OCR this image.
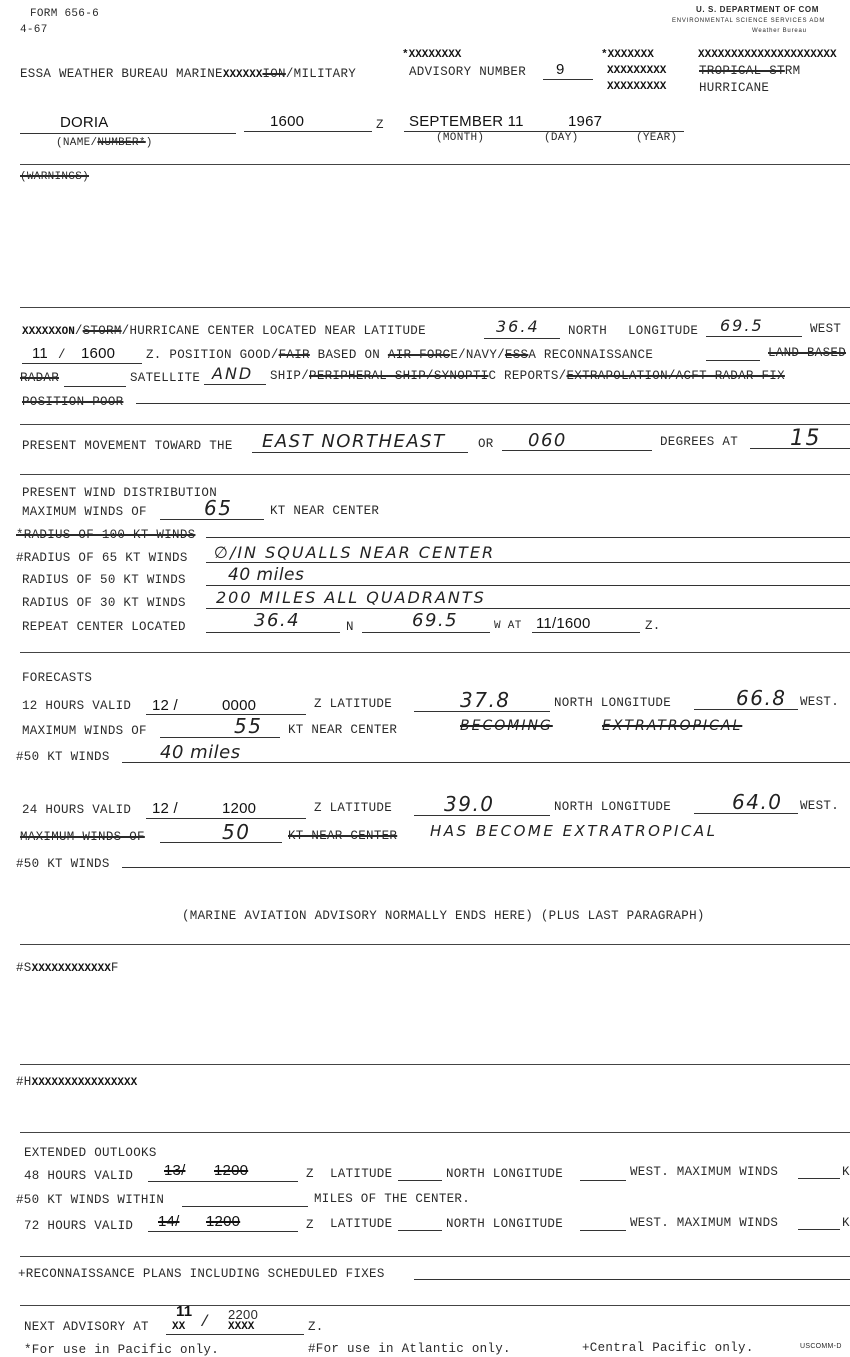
FORM 656-6
4-67
U. S. DEPARTMENT OF COM
ENVIRONMENTAL SCIENCE SERVICES ADM
Weather Bureau
ESSA WEATHER BUREAU MARINEXXXXXXION/MILITARY
*XXXXXXXX
ADVISORY NUMBER 9
*XXXXXXX
XXXXXXXXX
XXXXXXXXX
XXXXXXXXXXXXXXXXXXXXX
TROPICAL STRM
HURRICANE
DORIA	1600	Z SEPTEMBER 11	1967
(NAME/NUMBER*)	(MONTH)	(DAY)	(YEAR)
(WARNINGS)
XXXXXXON/STORM/HURRICANE CENTER LOCATED NEAR LATITUDE	36.4 NORTH LONGITUDE 69.5	WEST
11 / 1600 Z. POSITION GOOD/FAIR BASED ON AIR FORCE/NAVY/ESSA RECONNAISSANCE	LAND BASED
RADAR	SATELLITE AND SHIP/PERIPHERAL SHIP/SYNOPTIC REPORTS/EXTRAPOLATION/ACFT RADAR FIX
POSITION POOR
PRESENT MOVEMENT TOWARD THE EAST NORTHEAST	OR 060	DEGREES AT 15
PRESENT WIND DISTRIBUTION
MAXIMUM WINDS OF	65	KT NEAR CENTER
*RADIUS OF 100 KT WINDS
#RADIUS OF 65 KT WINDS ∅/IN SQUALLS NEAR CENTER
RADIUS OF 50 KT WINDS 40 miles
RADIUS OF 30 KT WINDS 200 MILES ALL QUADRANTS
REPEAT CENTER LOCATED	36.4	N	69.5	W AT 11/1600	Z.
FORECASTS
12 HOURS VALID 12 /	0000	Z LATITUDE	37.8	NORTH LONGITUDE	66.8 WEST.
MAXIMUM WINDS OF	55 KT NEAR CENTER	BECOMING	EXTRATROPICAL
#50 KT WINDS	40 miles
24 HOURS VALID 12 /	1200	Z LATITUDE	39.0	NORTH LONGITUDE	64.0 WEST.
MAXIMUM WINDS OF	50	KT NEAR CENTER HAS BECOME EXTRATROPICAL
#50 KT WINDS
(MARINE AVIATION ADVISORY NORMALLY ENDS HERE) (PLUS LAST PARAGRAPH)
#SXXXXXXXXXXXXF
#HXXXXXXXXXXXXXXXX
EXTENDED OUTLOOKS
48 HOURS VALID 13/ 1200	Z LATITUDE	NORTH LONGITUDE	WEST. MAXIMUM WINDS	K
#50 KT WINDS WITHIN	MILES OF THE CENTER.
72 HOURS VALID 14/ 1200	Z LATITUDE	NORTH LONGITUDE	WEST. MAXIMUM WINDS	K
+RECONNAISSANCE PLANS INCLUDING SCHEDULED FIXES
NEXT ADVISORY AT
11
XX / 2200
XXXX	Z.
*For use in Pacific only.	#For use in Atlantic only.	+Central Pacific only.	USCOMM-D
